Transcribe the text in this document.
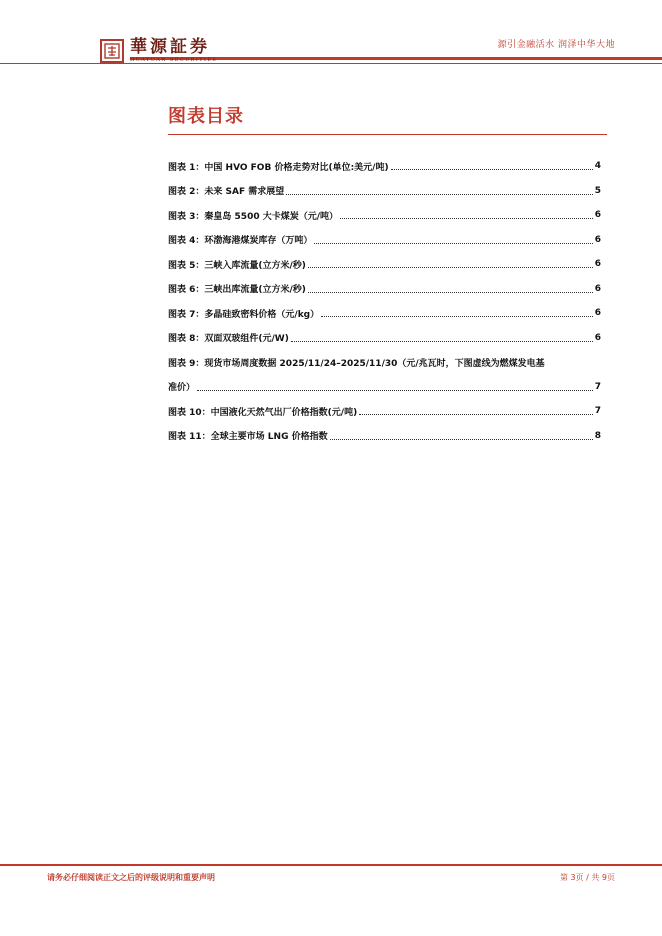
華源証券
HUAYUAN SECURITIES
源引金融活水 润泽中华大地
图表目录
图表 1： 中国 HVO FOB 价格走势对比(单位:美元/吨)	4
图表 2： 未来 SAF 需求展望	5
图表 3： 秦皇岛 5500 大卡煤炭（元/吨）	6
图表 4： 环渤海港煤炭库存（万吨）	6
图表 5： 三峡入库流量(立方米/秒)	6
图表 6： 三峡出库流量(立方米/秒)	6
图表 7： 多晶硅致密料价格（元/kg）	6
图表 8： 双面双玻组件(元/W)	6
图表 9： 现货市场周度数据 2025/11/24–2025/11/30（元/兆瓦时，下图虚线为燃煤发电基
准价）	7
图表 10： 中国液化天然气出厂价格指数(元/吨)	7
图表 11： 全球主要市场 LNG 价格指数	8
请务必仔细阅读正文之后的评级说明和重要声明	第 3页 / 共 9页
